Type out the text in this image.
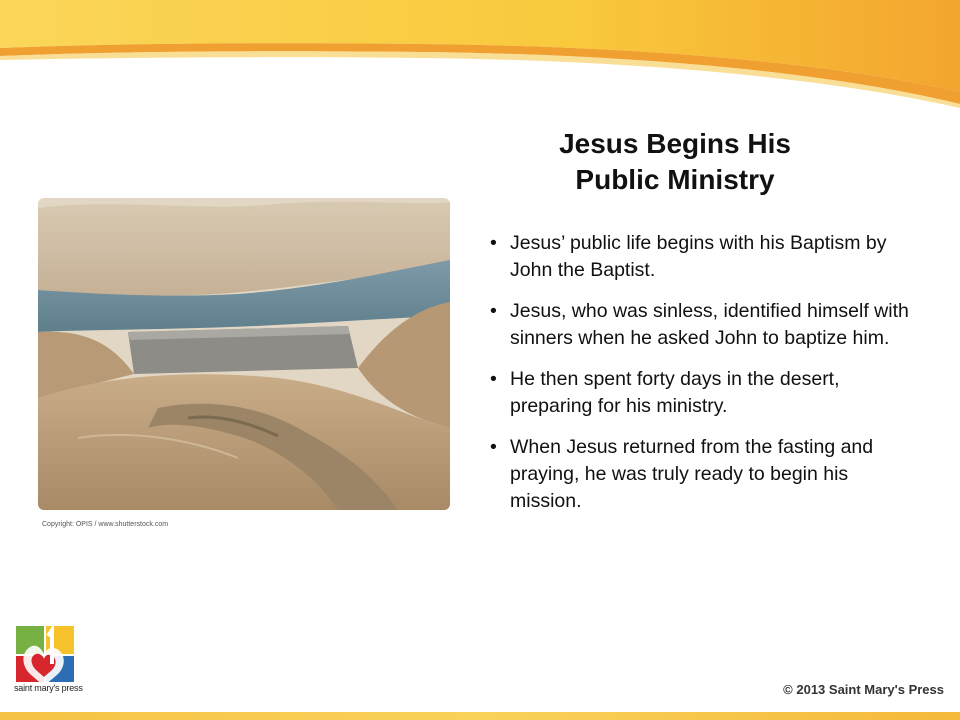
Jesus Begins His
Public Ministry
Copyright: OPIS / www.shutterstock.com
• Jesus’ public life begins with his Baptism by John the Baptist.
• Jesus, who was sinless, identified himself with sinners when he asked John to baptize him.
• He then spent forty days in the desert, preparing for his ministry.
• When Jesus returned from the fasting and praying, he was truly ready to begin his mission.
saint mary's press	© 2013 Saint Mary's Press
